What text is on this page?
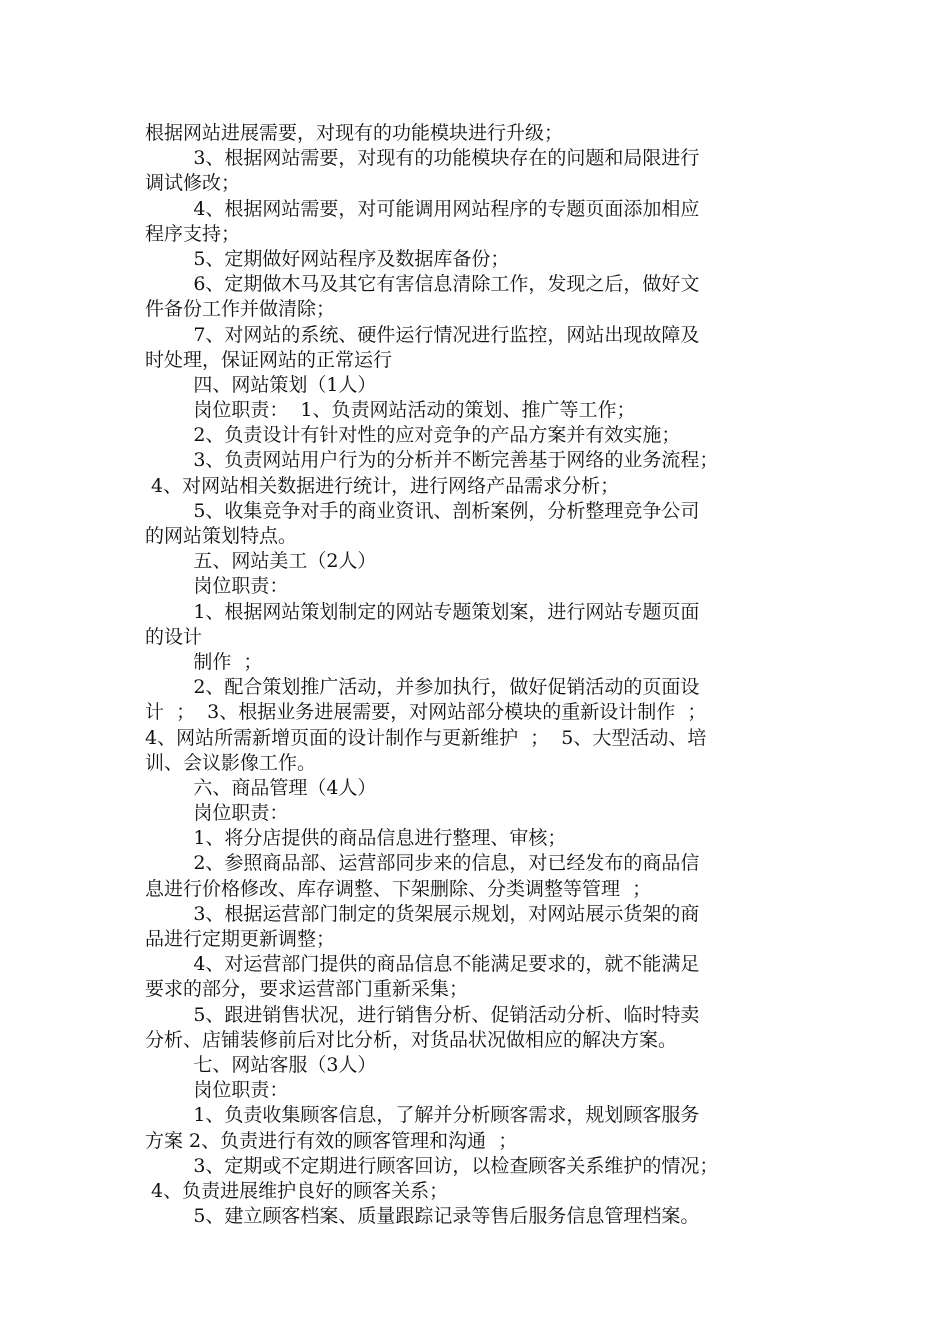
根据网站进展需要，对现有的功能模块进行升级；
3、根据网站需要，对现有的功能模块存在的问题和局限进行
调试修改；
4、根据网站需要，对可能调用网站程序的专题页面添加相应
程序支持；
5、定期做好网站程序及数据库备份；
6、定期做木马及其它有害信息清除工作，发现之后，做好文
件备份工作并做清除；
7、对网站的系统、硬件运行情况进行监控，网站出现故障及
时处理，保证网站的正常运行
四、网站策划（1人）
岗位职责：  1、负责网站活动的策划、推广等工作；
2、负责设计有针对性的应对竞争的产品方案并有效实施；
3、负责网站用户行为的分析并不断完善基于网络的业务流程；
4、对网站相关数据进行统计，进行网络产品需求分析；
5、收集竞争对手的商业资讯、剖析案例，分析整理竞争公司
的网站策划特点。
五、网站美工（2人）
岗位职责：
1、根据网站策划制定的网站专题策划案，进行网站专题页面
的设计
制作  ；
2、配合策划推广活动，并参加执行，做好促销活动的页面设
计  ；  3、根据业务进展需要，对网站部分模块的重新设计制作  ；
4、网站所需新增页面的设计制作与更新维护  ；  5、大型活动、培
训、会议影像工作。
六、商品管理（4人）
岗位职责：
1、将分店提供的商品信息进行整理、审核；
2、参照商品部、运营部同步来的信息，对已经发布的商品信
息进行价格修改、库存调整、下架删除、分类调整等管理  ；
3、根据运营部门制定的货架展示规划，对网站展示货架的商
品进行定期更新调整；
4、对运营部门提供的商品信息不能满足要求的，就不能满足
要求的部分，要求运营部门重新采集；
5、跟进销售状况，进行销售分析、促销活动分析、临时特卖
分析、店铺装修前后对比分析，对货品状况做相应的解决方案。
七、网站客服（3人）
岗位职责：
1、负责收集顾客信息，了解并分析顾客需求，规划顾客服务
方案 2、负责进行有效的顾客管理和沟通  ；
3、定期或不定期进行顾客回访，以检查顾客关系维护的情况；
4、负责进展维护良好的顾客关系；
5、建立顾客档案、质量跟踪记录等售后服务信息管理档案。
